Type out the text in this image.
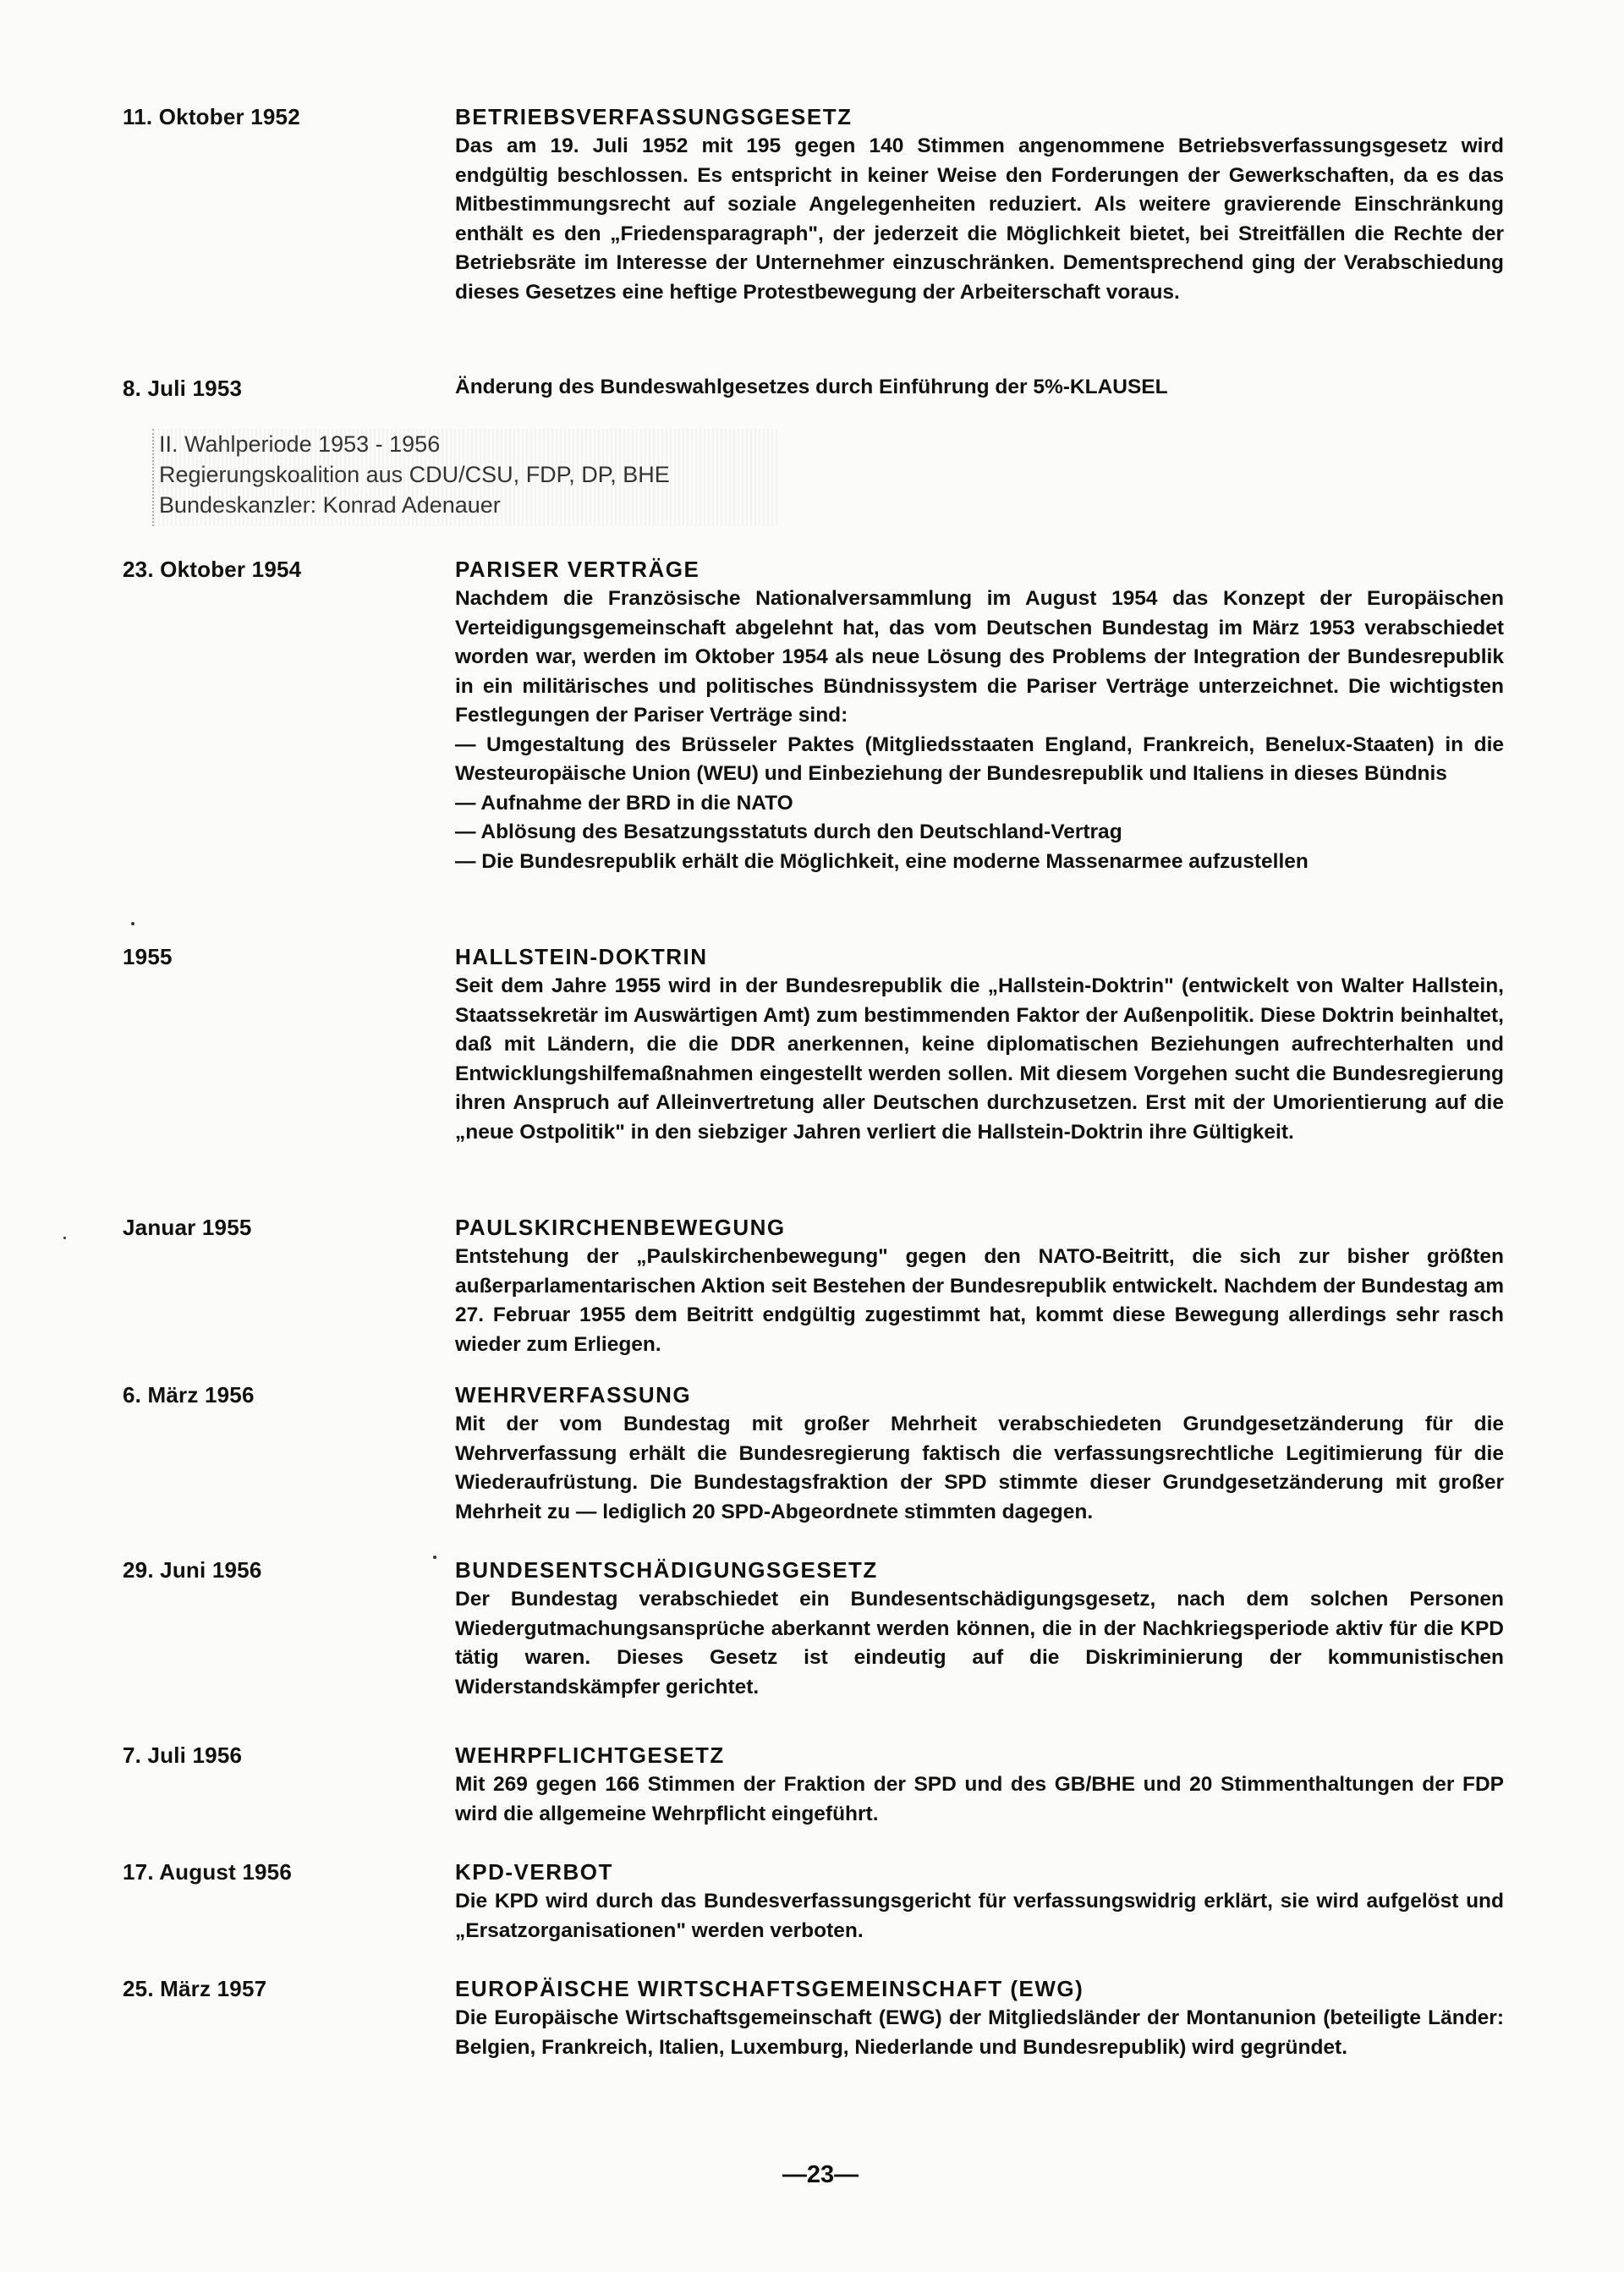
11. Oktober 1952	BETRIEBSVERFASSUNGSGESETZ

Das am 19. Juli 1952 mit 195 gegen 140 Stimmen angenommene Betriebsverfassungsgesetz wird endgültig beschlossen. Es entspricht in keiner Weise den Forderungen der Gewerkschaften, da es das Mitbestimmungsrecht auf soziale Angelegenheiten reduziert. Als weitere gravierende Einschränkung enthält es den „Friedensparagraph", der jederzeit die Möglichkeit bietet, bei Streitfällen die Rechte der Betriebsräte im Interesse der Unternehmer einzuschränken. Dementsprechend ging der Verabschiedung dieses Gesetzes eine heftige Protestbewegung der Arbeiterschaft voraus.

8. Juli 1953	Änderung des Bundeswahlgesetzes durch Einführung der 5%-KLAUSEL

II. Wahlperiode 1953 - 1956
Regierungskoalition aus CDU/CSU, FDP, DP, BHE
Bundeskanzler: Konrad Adenauer
23. Oktober 1954	PARISER VERTRÄGE

Nachdem die Französische Nationalversammlung im August 1954 das Konzept der Europäischen Verteidigungsgemeinschaft abgelehnt hat, das vom Deutschen Bundestag im März 1953 verabschiedet worden war, werden im Oktober 1954 als neue Lösung des Problems der Integration der Bundesrepublik in ein militärisches und politisches Bündnissystem die Pariser Verträge unterzeichnet. Die wichtigsten Festlegungen der Pariser Verträge sind:

— Umgestaltung des Brüsseler Paktes (Mitgliedsstaaten England, Frankreich, Benelux-Staaten) in die Westeuropäische Union (WEU) und Einbeziehung der Bundesrepublik und Italiens in dieses Bündnis
— Aufnahme der BRD in die NATO
— Ablösung des Besatzungsstatuts durch den Deutschland-Vertrag
— Die Bundesrepublik erhält die Möglichkeit, eine moderne Massenarmee aufzustellen
1955	HALLSTEIN-DOKTRIN

Seit dem Jahre 1955 wird in der Bundesrepublik die „Hallstein-Doktrin" (entwickelt von Walter Hallstein, Staatssekretär im Auswärtigen Amt) zum bestimmenden Faktor der Außenpolitik. Diese Doktrin beinhaltet, daß mit Ländern, die die DDR anerkennen, keine diplomatischen Beziehungen aufrechterhalten und Entwicklungshilfemaßnahmen eingestellt werden sollen. Mit diesem Vorgehen sucht die Bundesregierung ihren Anspruch auf Alleinvertretung aller Deutschen durchzusetzen. Erst mit der Umorientierung auf die „neue Ostpolitik" in den siebziger Jahren verliert die Hallstein-Doktrin ihre Gültigkeit.

Januar 1955	PAULSKIRCHENBEWEGUNG

Entstehung der „Paulskirchenbewegung" gegen den NATO-Beitritt, die sich zur bisher größten außerparlamentarischen Aktion seit Bestehen der Bundesrepublik entwickelt. Nachdem der Bundestag am 27. Februar 1955 dem Beitritt endgültig zugestimmt hat, kommt diese Bewegung allerdings sehr rasch wieder zum Erliegen.

6. März 1956	WEHRVERFASSUNG

Mit der vom Bundestag mit großer Mehrheit verabschiedeten Grundgesetzänderung für die Wehrverfassung erhält die Bundesregierung faktisch die verfassungsrechtliche Legitimierung für die Wiederaufrüstung. Die Bundestagsfraktion der SPD stimmte dieser Grundgesetzänderung mit großer Mehrheit zu — lediglich 20 SPD-Abgeordnete stimmten dagegen.

29. Juni 1956	BUNDESENTSCHÄDIGUNGSGESETZ

Der Bundestag verabschiedet ein Bundesentschädigungsgesetz, nach dem solchen Personen Wiedergutmachungsansprüche aberkannt werden können, die in der Nachkriegsperiode aktiv für die KPD tätig waren. Dieses Gesetz ist eindeutig auf die Diskriminierung der kommunistischen Widerstandskämpfer gerichtet.

7. Juli 1956	WEHRPFLICHTGESETZ

Mit 269 gegen 166 Stimmen der Fraktion der SPD und des GB/BHE und 20 Stimmenthaltungen der FDP wird die allgemeine Wehrpflicht eingeführt.

17. August 1956	KPD-VERBOT

Die KPD wird durch das Bundesverfassungsgericht für verfassungswidrig erklärt, sie wird aufgelöst und „Ersatzorganisationen" werden verboten.

25. März 1957	EUROPÄISCHE WIRTSCHAFTSGEMEINSCHAFT (EWG)

Die Europäische Wirtschaftsgemeinschaft (EWG) der Mitgliedsländer der Montanunion (beteiligte Länder: Belgien, Frankreich, Italien, Luxemburg, Niederlande und Bundesrepublik) wird gegründet.

—23—
